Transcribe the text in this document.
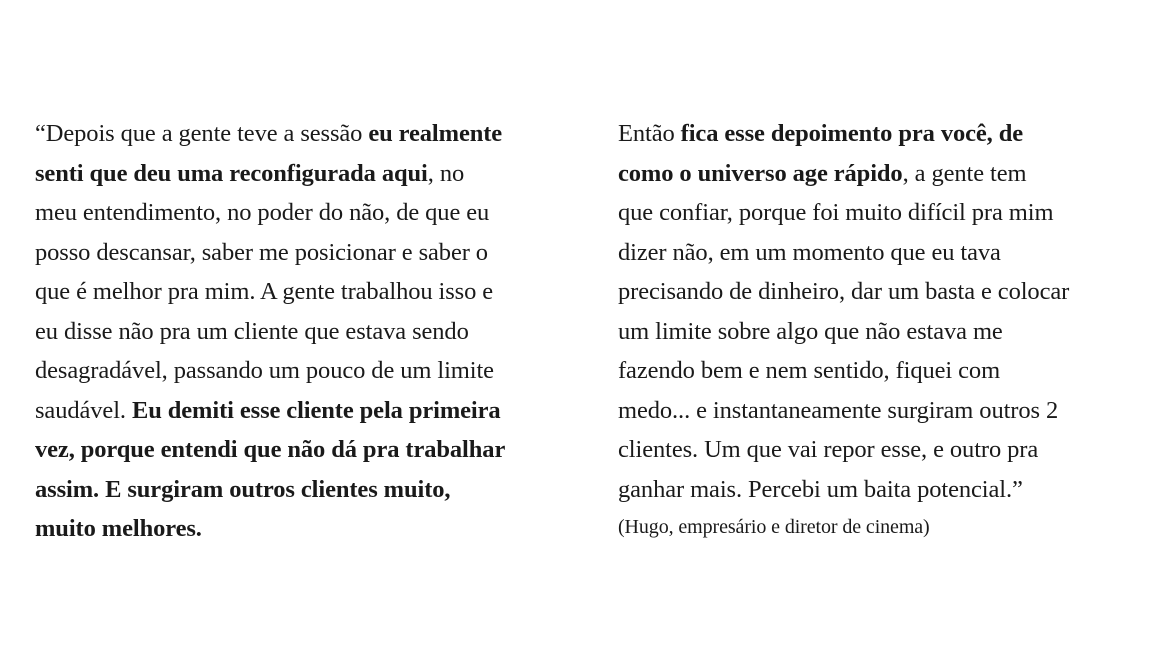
“Depois que a gente teve a sessão eu realmente
senti que deu uma reconfigurada aqui, no
meu entendimento, no poder do não, de que eu
posso descansar, saber me posicionar e saber o
que é melhor pra mim. A gente trabalhou isso e
eu disse não pra um cliente que estava sendo
desagradável, passando um pouco de um limite
saudável. Eu demiti esse cliente pela primeira
vez, porque entendi que não dá pra trabalhar
assim. E surgiram outros clientes muito,
muito melhores.
Então fica esse depoimento pra você, de
como o universo age rápido, a gente tem
que confiar, porque foi muito difícil pra mim
dizer não, em um momento que eu tava
precisando de dinheiro, dar um basta e colocar
um limite sobre algo que não estava me
fazendo bem e nem sentido, fiquei com
medo... e instantaneamente surgiram outros 2
clientes. Um que vai repor esse, e outro pra
ganhar mais. Percebi um baita potencial.”
(Hugo, empresário e diretor de cinema)
